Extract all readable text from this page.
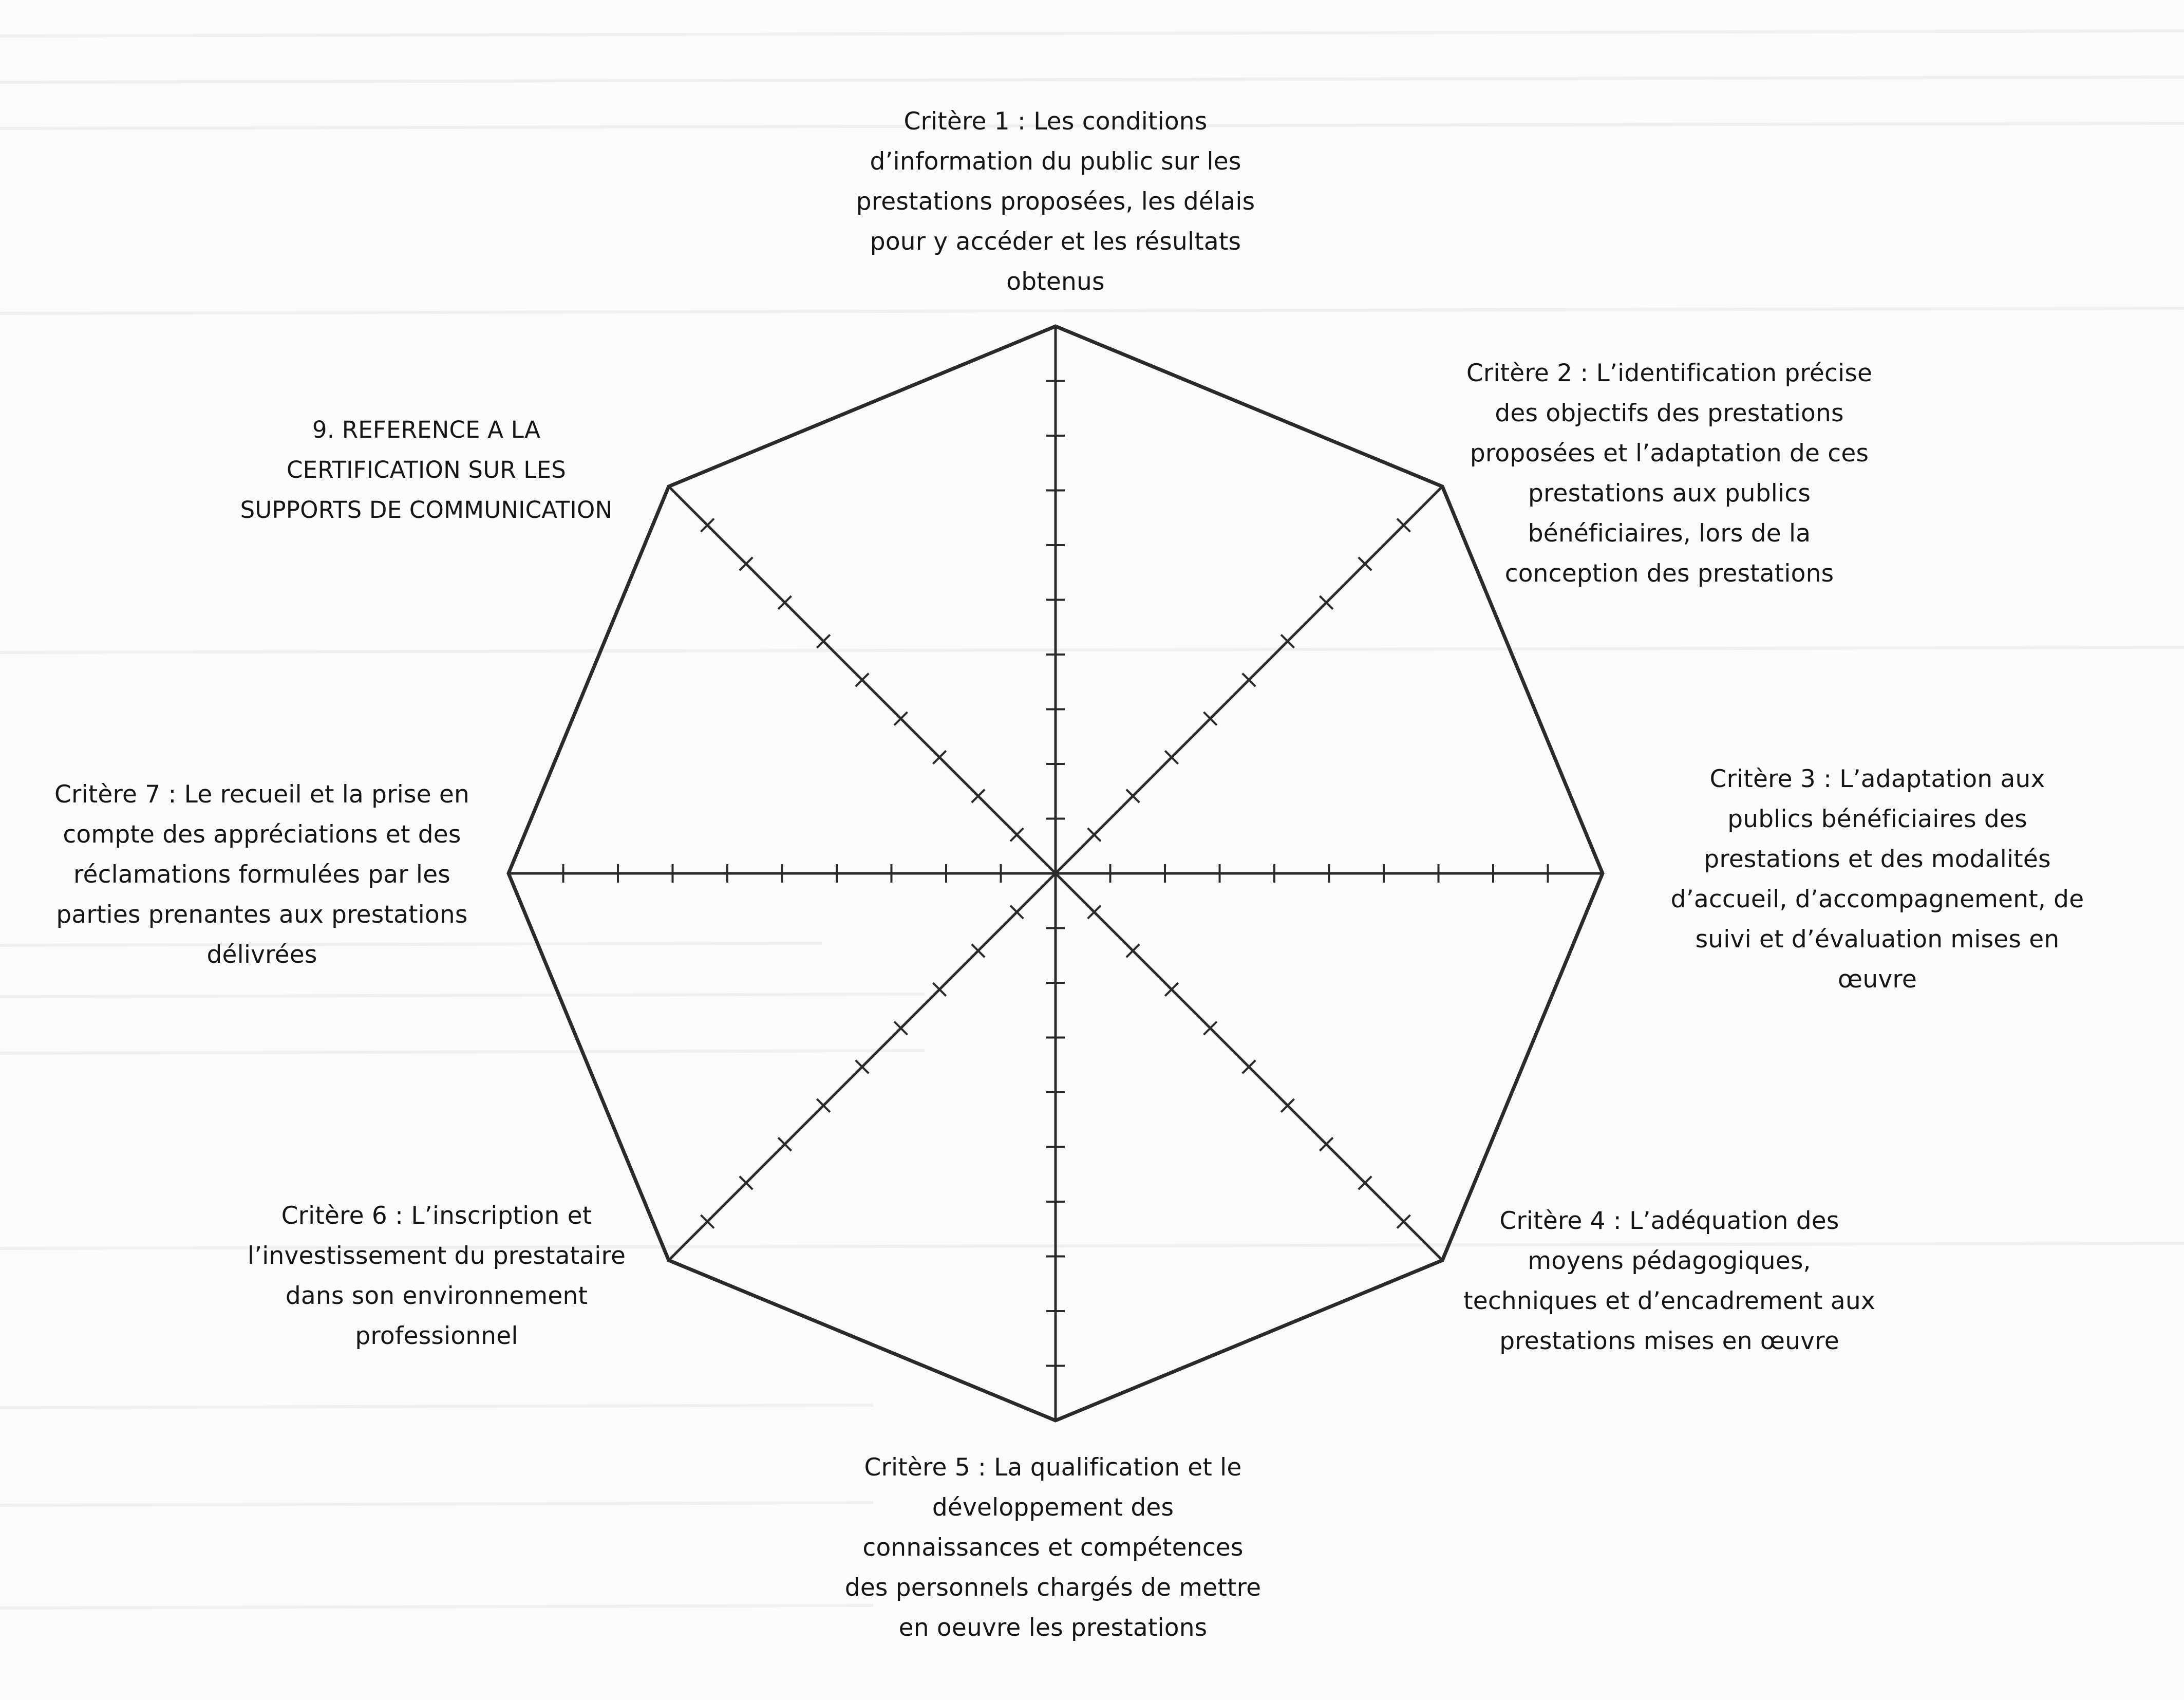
Critère 1 : Les conditions
d’information du public sur les
prestations proposées, les délais
pour y accéder et les résultats
obtenus
Critère 2 : L’identification précise
des objectifs des prestations
proposées et l’adaptation de ces
prestations aux publics
bénéficiaires, lors de la
conception des prestations
Critère 3 : L’adaptation aux
publics bénéficiaires des
prestations et des modalités
d’accueil, d’accompagnement, de
suivi et d’évaluation mises en
œuvre
Critère 4 : L’adéquation des
moyens pédagogiques,
techniques et d’encadrement aux
prestations mises en œuvre
Critère 5 : La qualification et le
développement des
connaissances et compétences
des personnels chargés de mettre
en oeuvre les prestations
Critère 6 : L’inscription et
l’investissement du prestataire
dans son environnement
professionnel
Critère 7 : Le recueil et la prise en
compte des appréciations et des
réclamations formulées par les
parties prenantes aux prestations
délivrées
9. REFERENCE A LA
CERTIFICATION SUR LES
SUPPORTS DE COMMUNICATION
